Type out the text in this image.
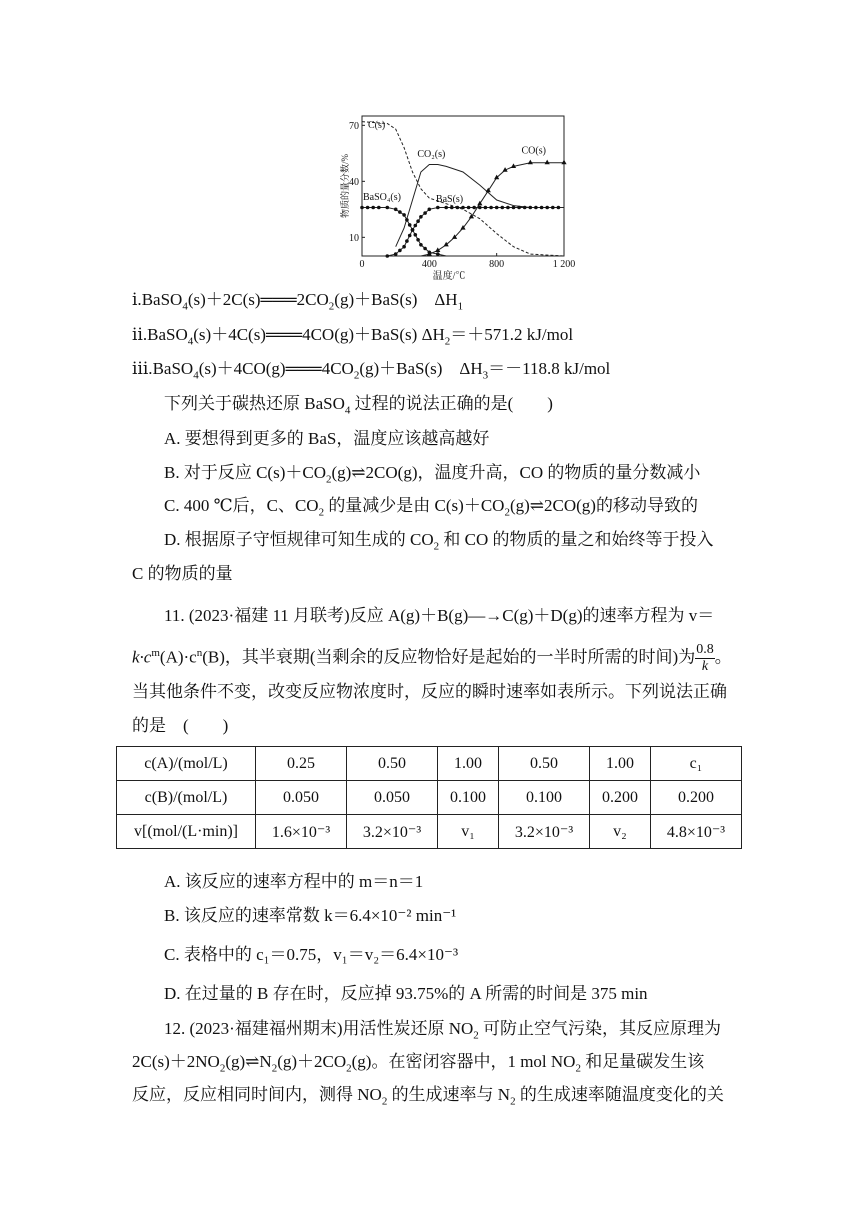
0	400	800	1 200
10
40
70
温度/℃
物质的量分数/%
C(s)
CO₂(s)	CO(s)
BaSO₄(s)	BaS(s)
$ⅰ.BaSO_4(s)+2C(s)═══2CO_2(g)+BaS(s)$　$\Delta H_1$
ⅱ.BaSO$_4$(s)＋4C(s)═══4CO(g)＋BaS(s) $\Delta H_2=+571.2$ kJ/mol
$ⅲ.BaSO_4(s)+4CO(g)═══4CO_2(g)+BaS(s)$　$\Delta H_3=-118.8$ kJ/mol
下列关于碳热还原 BaSO$_4$ 过程的说法正确的是( )
A. 要想得到更多的 BaS，温度应该越高越好
B. 对于反应 $C(s)+CO_2(g)\rightleftharpoons 2CO(g)$，温度升高，CO 的物质的量分数减小
C. 400 ℃后，C、$CO_2$ 的量减少是由 $C(s)+CO_2(g)\rightleftharpoons 2CO(g)$的移动导致的
D. 根据原子守恒规律可知生成的 $CO_2$ 和 CO 的物质的量之和始终等于投入
C 的物质的量
11. (2023·福建 11 月联考)反应 A(g)＋B(g)—→C(g)＋D(g)的速率方程为 v＝
$k\cdot c^m(A)\cdot c^n(B)$，其半衰期(当剩余的反应物恰好是起始的一半时所需的时间)为 $\frac{0.8}{k}$ 。
当其他条件不变，改变反应物浓度时，反应的瞬时速率如表所示。下列说法正确
的是　(　　)
c(A)/(mol/L)	0.25	0.50	1.00	0.50	1.00	c₁
c(B)/(mol/L)	0.050	0.050	0.100	0.100	0.200	0.200
v[(mol/(L·min)]	1.6×10⁻³	3.2×10⁻³	v₁	3.2×10⁻³	v₂	4.8×10⁻³
A. 该反应的速率方程中的 m＝n＝1
B. 该反应的速率常数 k＝6.4×10⁻² min⁻¹
C. 表格中的 c₁＝0.75，v₁＝v₂＝6.4×10⁻³
D. 在过量的 B 存在时，反应掉 93.75%的 A 所需的时间是 375 min
12. (2023·福建福州期末)用活性炭还原 $NO_2$ 可防止空气污染，其反应原理为
$2C(s)+2NO_2(g)\rightleftharpoons N_2(g)+2CO_2(g)$。在密闭容器中，1 mol $NO_2$ 和足量碳发生该
反应，反应相同时间内，测得 $NO_2$ 的生成速率与 $N_2$ 的生成速率随温度变化的关
